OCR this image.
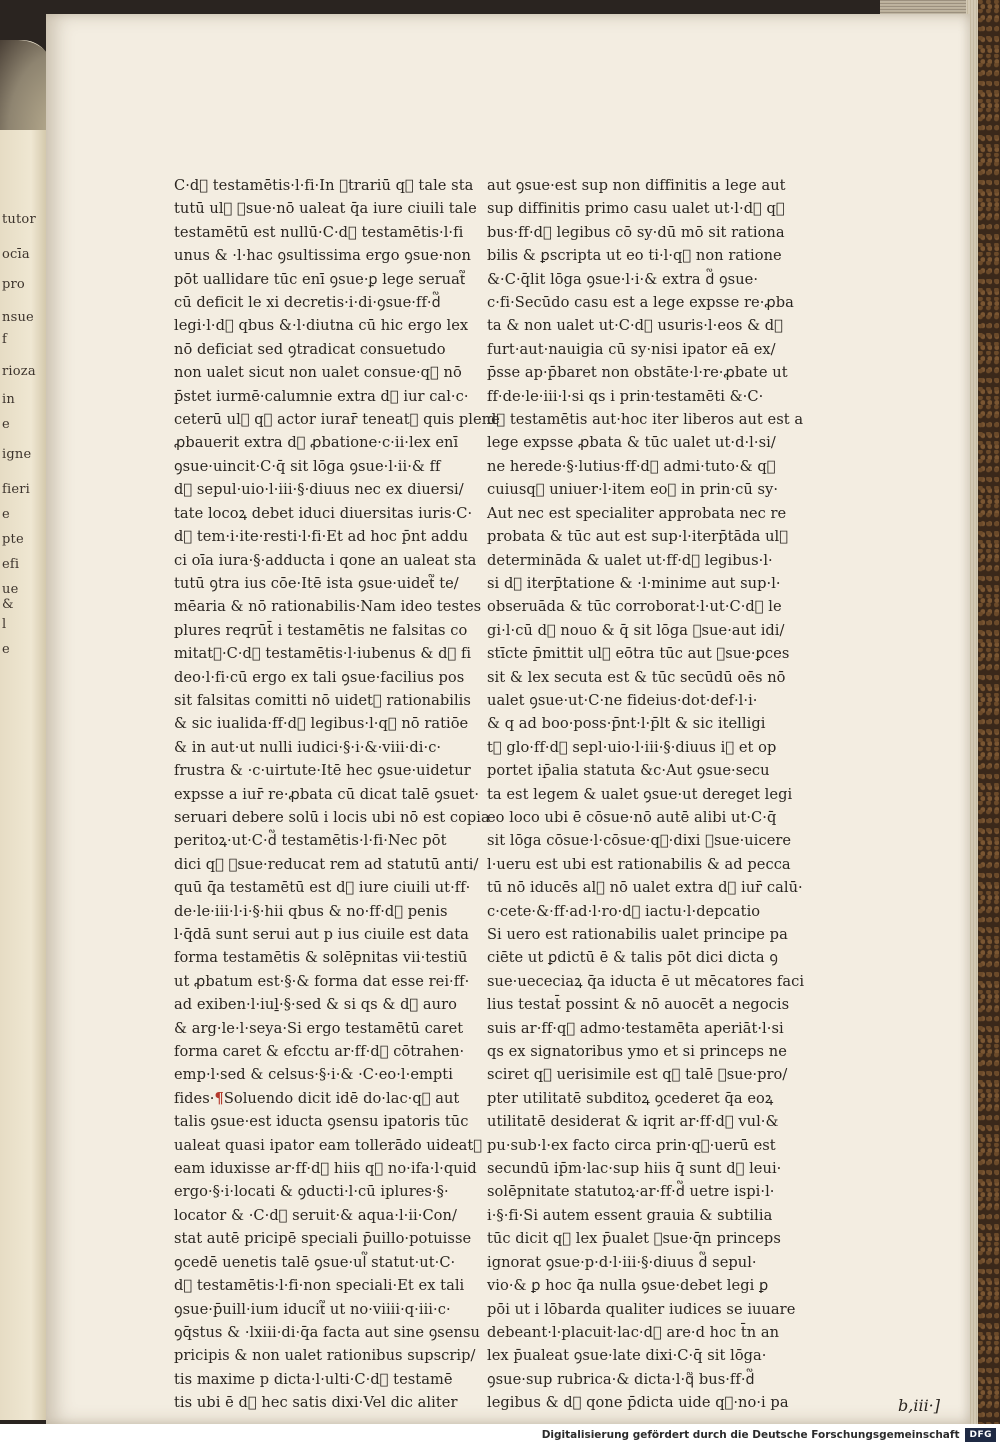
tutor
ocīa
pro
nsue
f
rioza
in
e
igne
fieri
e
pte
efi
ue
&
l
e
C·d᷑ testamētis·l·fi·In ꝯtrariū q᷑ tale sta
tutū ul᷑ ꝯsue·nō ualeat q̄a iure ciuili tale
testamētū est nullū·C·d᷑ testamētis·l·fi
unus & ·l·hac ꝯsultissima ergo ꝯsue·non
pōt uallidare tūc enī ꝯsue·ꝑ lege seruat᷑
cū deficit le xi decretis·i·di·ꝯsue·ff·d᷑
legi·l·d᷑ qbus &·l·diutna cū hic ergo lex
nō deficiat sed ꝯtradicat consuetudo
non ualet sicut non ualet consue·q᷑ nō
p̄stet iurmē·calumnie extra d᷑ iur cal·c·
ceterū ul᷑ q᷑ actor iurar̄ teneat᷑ quis plene
ꝓbauerit extra d᷑ ꝓbatione·c·ii·lex enī
ꝯsue·uincit·C·q̄ sit lōga ꝯsue·l·ii·& ff
d᷑ sepul·uio·l·iii·§·diuus nec ex diuersi/
tate locoꝝ debet iduci diuersitas iuris·C·
d᷑ tem·i·ite·resti·l·fi·Et ad hoc p̄nt addu
ci oīa iura·§·adducta i qone an ualeat sta
tutū ꝯtra ius cōe·Itē ista ꝯsue·uidet᷑ te/
mēaria & nō rationabilis·Nam ideo testes
plures reqrūt̄ i testamētis ne falsitas co
mitat᷑·C·d᷑ testamētis·l·iubenus & d᷑ fi
deo·l·fi·cū ergo ex tali ꝯsue·facilius pos
sit falsitas comitti nō uidet᷑ rationabilis
& sic iualida·ff·d᷑ legibus·l·q᷑ nō ratiōe
& in aut·ut nulli iudici·§·i·&·viii·di·c·
frustra & ·c·uirtute·Itē hec ꝯsue·uidetur
expsse a iur̄ re·ꝓbata cū dicat talē ꝯsuet·
seruari debere solū i locis ubi nō est copia
peritoꝝ·ut·C·d᷑ testamētis·l·fi·Nec pōt
dici q᷑ ꝯsue·reducat rem ad statutū anti/
quū q̄a testamētū est d᷑ iure ciuili ut·ff·
de·le·iii·l·i·§·hii qbus & no·ff·d᷑ penis
l·q̄dā sunt serui aut p ius ciuile est data
forma testamētis & solēpnitas vii·testiū
ut ꝓbatum est·§·& forma dat esse rei·ff·
ad exiben·l·iuḻ·§·sed & si qs & d᷑ auro
& arg·le·l·seya·Si ergo testamētū caret
forma caret & efcctu ar·ff·d᷑ cōtrahen·
emp·l·sed & celsus·§·i·& ·C·eo·l·empti
fides·¶Soluendo dicit idē do·lac·q᷑ aut
talis ꝯsue·est iducta ꝯsensu ipatoris tūc
ualeat quasi ipator eam tollerādo uideat᷑
eam iduxisse ar·ff·d᷑ hiis q᷑ no·ifa·l·quid
ergo·§·i·locati & ꝯducti·l·cū iplures·§·
locator & ·C·d᷑ seruit·& aqua·l·ii·Con/
stat autē pricipē speciali p̄uillo·potuisse
ꝯcedē uenetis talē ꝯsue·ul᷑ statut·ut·C·
d᷑ testamētis·l·fi·non speciali·Et ex tali
ꝯsue·p̄uill·ium iducit᷑ ut no·viiii·q·iii·c·
ꝯq̄stus & ·lxiii·di·q̄a facta aut sine ꝯsensu
pricipis & non ualet rationibus supscrip/
tis maxime p dicta·l·ulti·C·d᷑ testamē
tis ubi ē d᷑ hec satis dixi·Vel dic aliter
aut ꝯsue·est sup non diffinitis a lege aut
sup diffinitis primo casu ualet ut·l·d᷑ q᷑
bus·ff·d᷑ legibus cō sy·dū mō sit rationa
bilis & ꝑscripta ut eo ti·l·q᷑ non ratione
&·C·q̄lit lōga ꝯsue·l·i·& extra d᷑ ꝯsue·
c·fi·Secūdo casu est a lege expsse re·ꝓba
ta & non ualet ut·C·d᷑ usuris·l·eos & d᷑
furt·aut·nauigia cū sy·nisi ipator eā ex/
p̄sse ap·p̄baret non obstāte·l·re·ꝓbate ut
ff·de·le·iii·l·si qs i prin·testamēti &·C·
d᷑ testamētis aut·hoc iter liberos aut est a
lege expsse ꝓbata & tūc ualet ut·d·l·si/
ne herede·§·lutius·ff·d᷑ admi·tuto·& q᷑
cuiusq᷑ uniuer·l·item eoꝝ in prin·cū sy·
Aut nec est specialiter approbata nec re
probata & tūc aut est sup·l·iterp̄tāda ul᷑
determināda & ualet ut·ff·d᷑ legibus·l·
si d᷑ iterp̄tatione & ·l·minime aut sup·l·
obseruāda & tūc corroborat·l·ut·C·d᷑ le
gi·l·cū d᷑ nouo & q̄ sit lōga ꝯsue·aut idi/
stīcte p̄mittit ul᷑ eōtra tūc aut ꝯsue·ꝑces
sit & lex secuta est & tūc secūdū oēs nō
ualet ꝯsue·ut·C·ne fideius·dot·def·l·i·
& q ad boo·poss·p̄nt·l·p̄lt & sic itelligi
t᷑ glo·ff·d᷑ sepl·uio·l·iii·§·diuus i᷑ et op
portet ip̄alia statuta &c·Aut ꝯsue·secu
ta est legem & ualet ꝯsue·ut dereget legi
eo loco ubi ē cōsue·nō autē alibi ut·C·q̄
sit lōga cōsue·l·cōsue·q᷑·dixi ꝯsue·uicere
l·ueru est ubi est rationabilis & ad pecca
tū nō iducēs al᷑ nō ualet extra d᷑ iur̄ calū·
c·cete·&·ff·ad·l·ro·d᷑ iactu·l·depcatio
Si uero est rationabilis ualet principe pa
ciēte ut ꝑdictū ē & talis pōt dici dicta ꝯ
sue·uececiaꝝ q̄a iducta ē ut mēcatores faci
lius testat̄ possint & nō auocēt a negocis
suis ar·ff·q᷑ admo·testamēta aperiāt·l·si
qs ex signatoribus ymo et si princeps ne
sciret q᷑ uerisimile est q᷑ talē ꝯsue·pro/
pter utilitatē subditoꝝ ꝯcederet q̄a eoꝝ
utilitatē desiderat & iqrit ar·ff·d᷑ vul·&
pu·sub·l·ex facto circa prin·q᷑·uerū est
secundū ip̄m·lac·sup hiis q̄ sunt d᷑ leui·
solēpnitate statutoꝝ·ar·ff·d᷑ uetre ispi·l·
i·§·fi·Si autem essent grauia & subtilia
tūc dicit q᷑ lex p̄ualet ꝯsue·q̄n princeps
ignorat ꝯsue·p·d·l·iii·§·diuus d᷑ sepul·
vio·& ꝑ hoc q̄a nulla ꝯsue·debet legi ꝑ
pōi ut i lōbarda qualiter iudices se iuuare
debeant·l·placuit·lac·d᷑ are·d hoc t̄n an
lex p̄ualeat ꝯsue·late dixi·C·q̄ sit lōga·
ꝯsue·sup rubrica·& dicta·l·q᷑ bus·ff·d᷑
legibus & d᷑ qone p̄dicta uide q᷑·no·i pa	b,iii·]
Digitalisierung gefördert durch die Deutsche Forschungsgemeinschaft	DFG
